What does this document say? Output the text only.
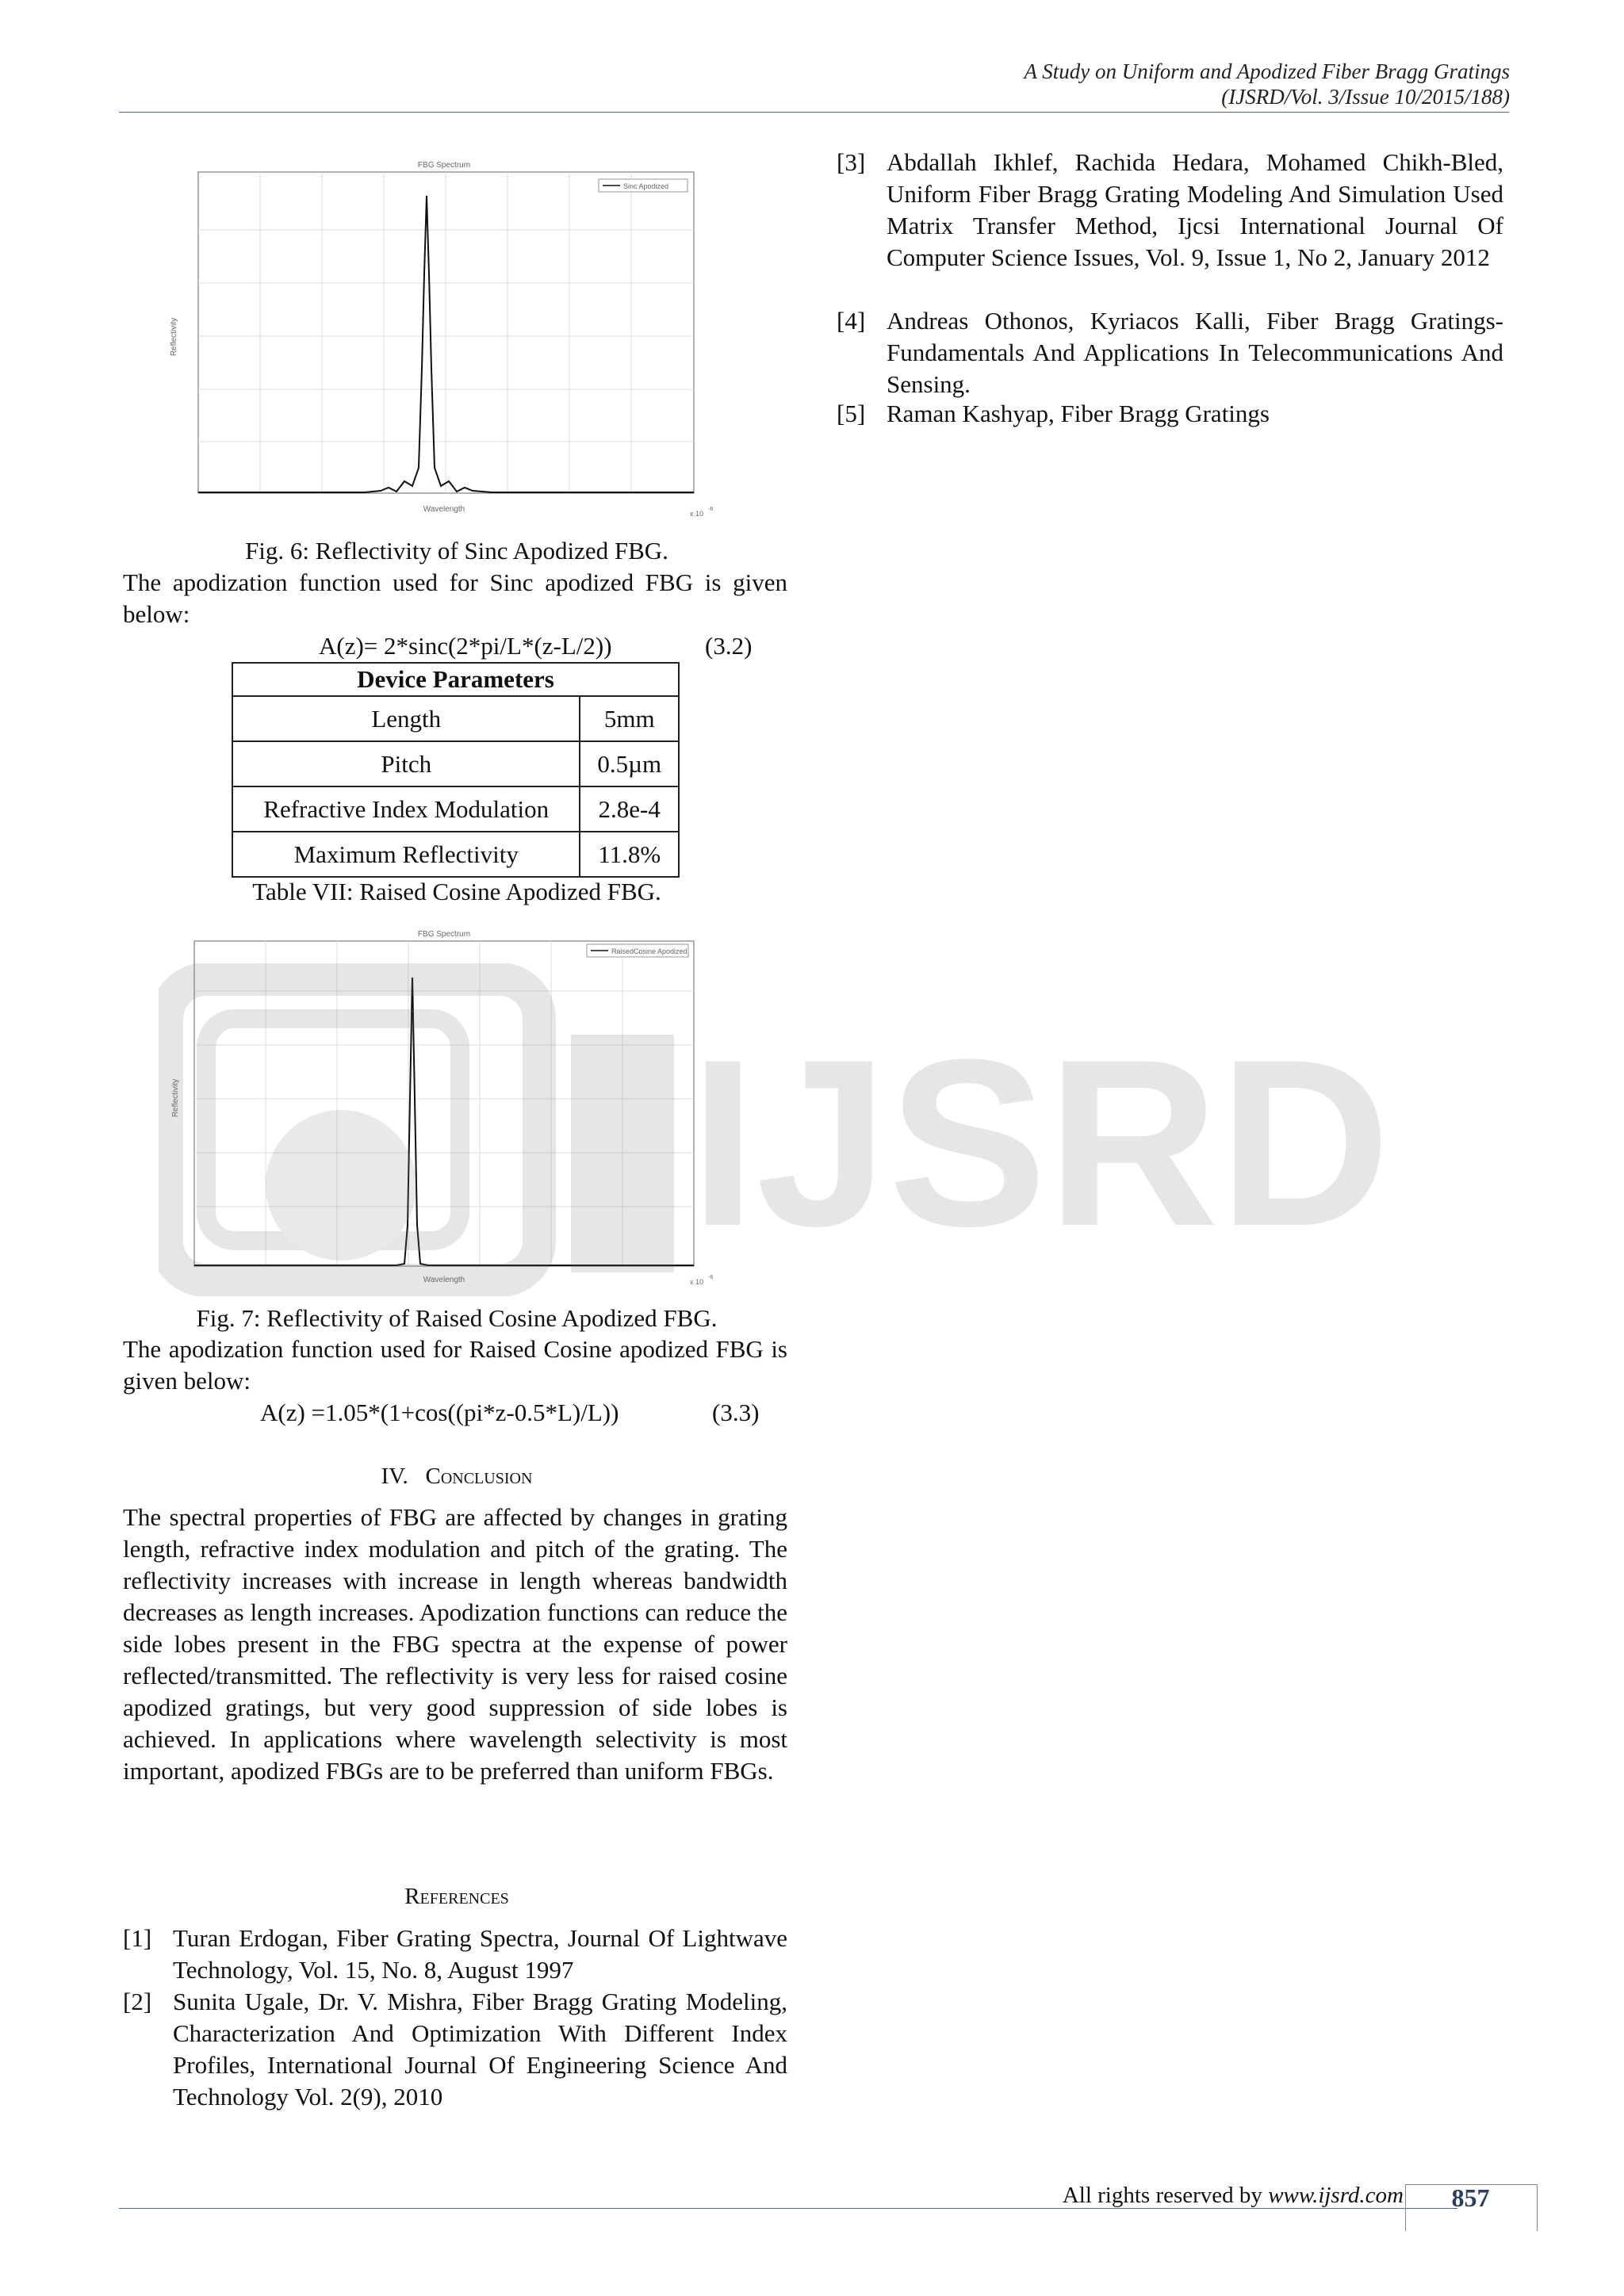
A Study on Uniform and Apodized Fiber Bragg Gratings
(IJSRD/Vol. 3/Issue 10/2015/188)
Sinc Apodized
FBG Spectrum
Wavelength
Reflectivity
x 10
-6
Fig. 6: Reflectivity of Sinc Apodized FBG.
The apodization function used for Sinc apodized FBG is given below:
A(z)= 2*sinc(2*pi/L*(z-L/2))	(3.2)
Device Parameters	
Length	5mm
Pitch	0.5µm
Refractive Index Modulation	2.8e-4
Maximum Reflectivity	11.8%
Table VII: Raised Cosine Apodized FBG.
RaisedCosine Apodized
FBG Spectrum
Wavelength
Reflectivity
x 10
-6
IJSRD
Fig. 7: Reflectivity of Raised Cosine Apodized FBG.
The apodization function used for Raised Cosine apodized FBG is given below:
A(z) =1.05*(1+cos((pi*z-0.5*L)/L))	(3.3)
IV. Conclusion
The spectral properties of FBG are affected by changes in grating length, refractive index modulation and pitch of the grating. The reflectivity increases with increase in length whereas bandwidth decreases as length increases. Apodization functions can reduce the side lobes present in the FBG spectra at the expense of power reflected/transmitted. The reflectivity is very less for raised cosine apodized gratings, but very good suppression of side lobes is achieved. In applications where wavelength selectivity is most important, apodized FBGs are to be preferred than uniform FBGs.
References
[1] Turan Erdogan, Fiber Grating Spectra, Journal Of Lightwave Technology, Vol. 15, No. 8, August 1997
[2] Sunita Ugale, Dr. V. Mishra, Fiber Bragg Grating Modeling, Characterization And Optimization With Different Index Profiles, International Journal Of Engineering Science And Technology Vol. 2(9), 2010
[3] Abdallah Ikhlef, Rachida Hedara, Mohamed Chikh-Bled, Uniform Fiber Bragg Grating Modeling And Simulation Used Matrix Transfer Method, Ijcsi International Journal Of Computer Science Issues, Vol. 9, Issue 1, No 2, January 2012
[4] Andreas Othonos, Kyriacos Kalli, Fiber Bragg Gratings-Fundamentals And Applications In Telecommunications And Sensing.
[5] Raman Kashyap, Fiber Bragg Gratings
All rights reserved by www.ijsrd.com	857
